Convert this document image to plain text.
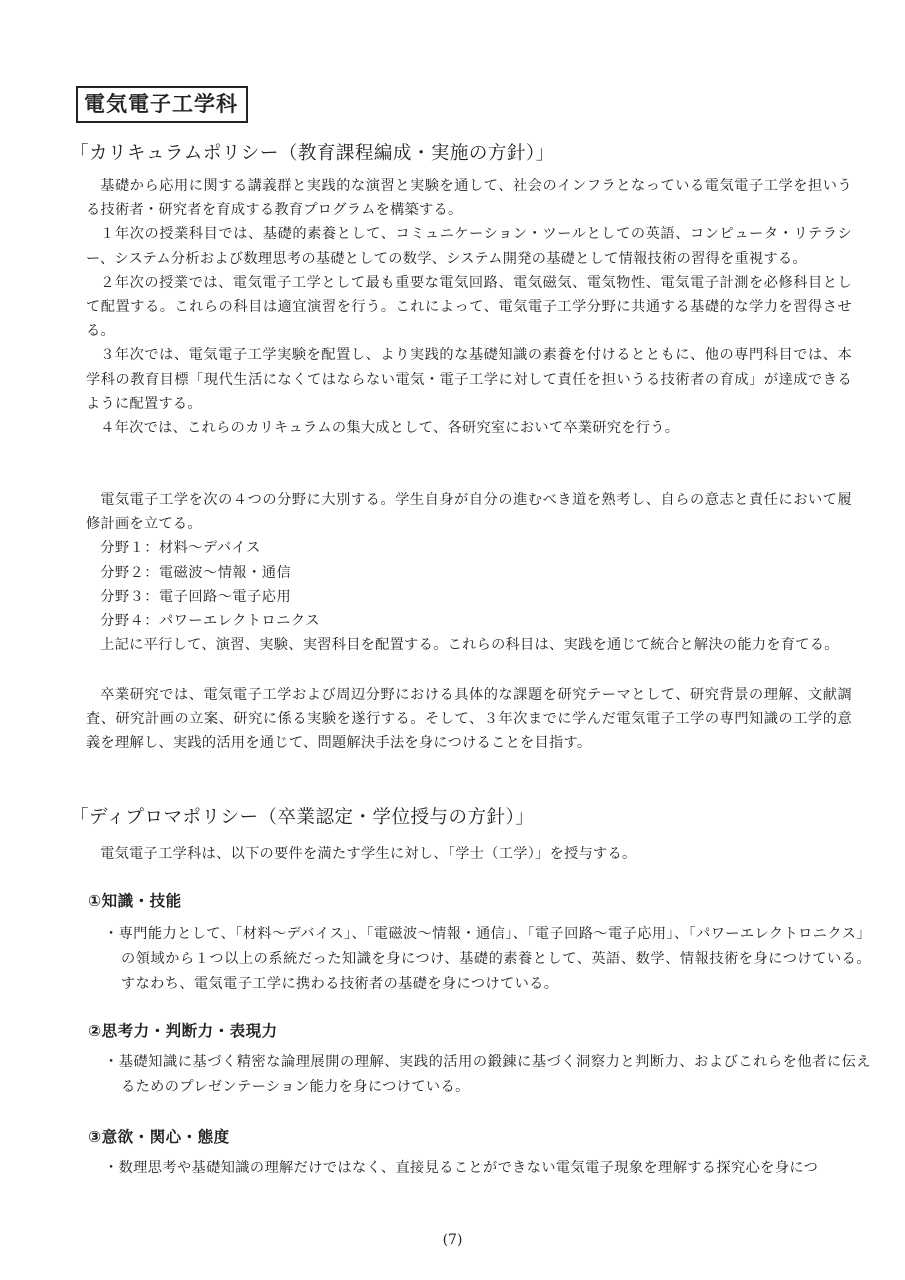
電気電子工学科
「カリキュラムポリシー（教育課程編成・実施の方針）」

基礎から応用に関する講義群と実践的な演習と実験を通して、社会のインフラとなっている電気電子工学を担いうる技術者・研究者を育成する教育プログラムを構築する。

１年次の授業科目では、基礎的素養として、コミュニケーション・ツールとしての英語、コンピュータ・リテラシー、システム分析および数理思考の基礎としての数学、システム開発の基礎として情報技術の習得を重視する。

２年次の授業では、電気電子工学として最も重要な電気回路、電気磁気、電気物性、電気電子計測を必修科目として配置する。これらの科目は適宜演習を行う。これによって、電気電子工学分野に共通する基礎的な学力を習得させる。

３年次では、電気電子工学実験を配置し、より実践的な基礎知識の素養を付けるとともに、他の専門科目では、本学科の教育目標「現代生活になくてはならない電気・電子工学に対して責任を担いうる技術者の育成」が達成できるように配置する。

４年次では、これらのカリキュラムの集大成として、各研究室において卒業研究を行う。

電気電子工学を次の４つの分野に大別する。学生自身が自分の進むべき道を熟考し、自らの意志と責任において履修計画を立てる。

分野１：材料～デバイス
分野２：電磁波～情報・通信
分野３：電子回路～電子応用
分野４：パワーエレクトロニクス

上記に平行して、演習、実験、実習科目を配置する。これらの科目は、実践を通じて統合と解決の能力を育てる。

卒業研究では、電気電子工学および周辺分野における具体的な課題を研究テーマとして、研究背景の理解、文献調査、研究計画の立案、研究に係る実験を遂行する。そして、３年次までに学んだ電気電子工学の専門知識の工学的意義を理解し、実践的活用を通じて、問題解決手法を身につけることを目指す。

「ディプロマポリシー（卒業認定・学位授与の方針）」
電気電子工学科は、以下の要件を満たす学生に対し、「学士（工学）」を授与する。
①知識・技能
・専門能力として、「材料～デバイス」、「電磁波～情報・通信」、「電子回路～電子応用」、「パワーエレクトロニクス」の領域から１つ以上の系統だった知識を身につけ、基礎的素養として、英語、数学、情報技術を身につけている。すなわち、電気電子工学に携わる技術者の基礎を身につけている。
②思考力・判断力・表現力
・基礎知識に基づく精密な論理展開の理解、実践的活用の鍛錬に基づく洞察力と判断力、およびこれらを他者に伝えるためのプレゼンテーション能力を身につけている。
③意欲・関心・態度
・数理思考や基礎知識の理解だけではなく、直接見ることができない電気電子現象を理解する探究心を身につ
(7)
